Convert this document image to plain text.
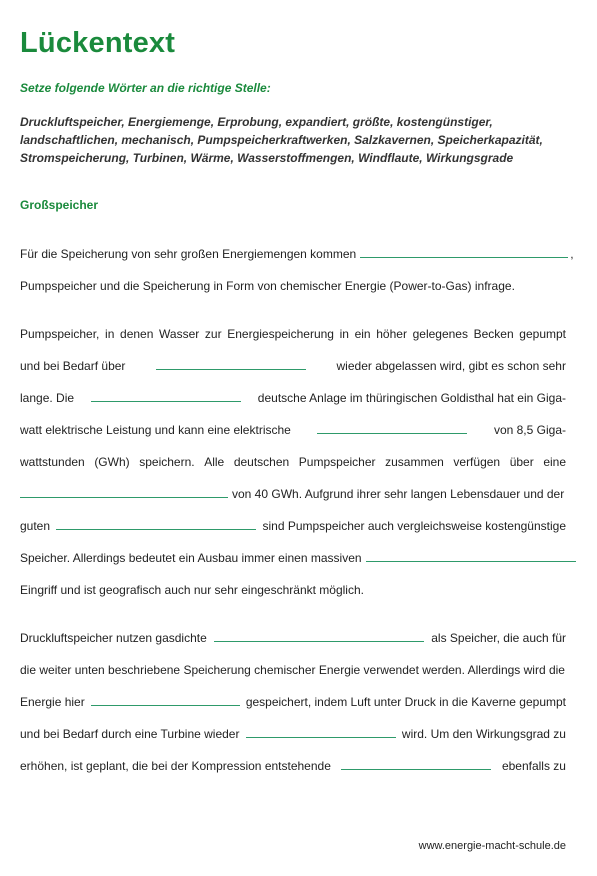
Lückentext

Setze folgende Wörter an die richtige Stelle:

Druckluftspeicher, Energiemenge, Erprobung, expandiert, größte, kostengünstiger, landschaftlichen, mechanisch, Pumpspeicherkraftwerken, Salzkavernen, Speicherkapazität, Stromspeicherung, Turbinen, Wärme, Wasserstoffmengen, Windflaute, Wirkungsgrade

Großspeicher

Für die Speicherung von sehr großen Energiemengen kommen	,
Pumpspeicher und die Speicherung in Form von chemischer Energie (Power-to-Gas) infrage.
Pumpspeicher, in denen Wasser zur Energiespeicherung in ein höher gelegenes Becken gepumpt
und bei Bedarf über	wieder abgelassen wird, gibt es schon sehr
lange. Die	deutsche Anlage im thüringischen Goldisthal hat ein Giga-
watt elektrische Leistung und kann eine elektrische	von 8,5 Giga-
wattstunden (GWh) speichern. Alle deutschen Pumpspeicher zusammen verfügen über eine
von 40 GWh. Aufgrund ihrer sehr langen Lebensdauer und der
guten	sind Pumpspeicher auch vergleichsweise kostengünstige
Speicher. Allerdings bedeutet ein Ausbau immer einen massiven
Eingriff und ist geografisch auch nur sehr eingeschränkt möglich.
Druckluftspeicher nutzen gasdichte	als Speicher, die auch für
die weiter unten beschriebene Speicherung chemischer Energie verwendet werden. Allerdings wird die
Energie hier	gespeichert, indem Luft unter Druck in die Kaverne gepumpt
und bei Bedarf durch eine Turbine wieder	wird. Um den Wirkungsgrad zu
erhöhen, ist geplant, die bei der Kompression entstehende	ebenfalls zu
www.energie-macht-schule.de
